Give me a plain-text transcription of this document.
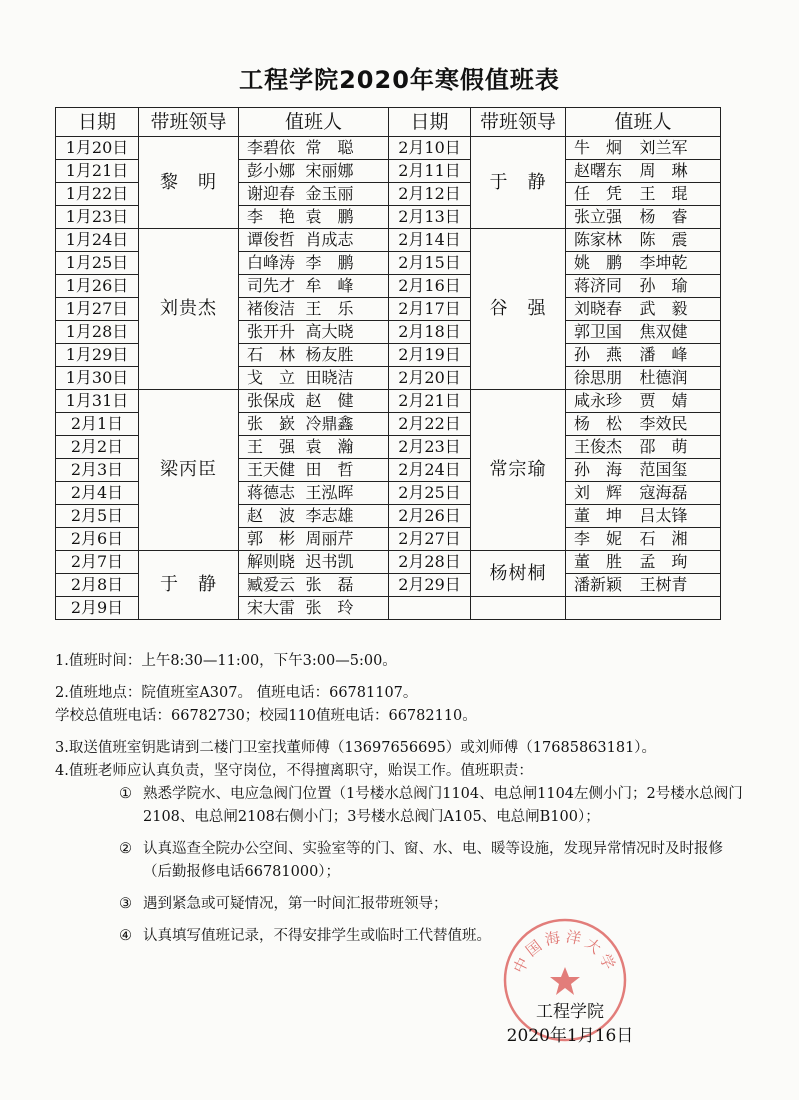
工程学院2020年寒假值班表
日期	带班领导	值班人		日期	带班领导	值班人	
1月20日	黎　明	李碧依	常　聪	2月10日	于　静	牛　炯	刘兰军
1月21日		彭小娜	宋丽娜	2月11日		赵曙东	周　琳
1月22日		谢迎春	金玉丽	2月12日		任　凭	王　琨
1月23日		李　艳	袁　鹏	2月13日		张立强	杨　睿
1月24日	刘贵杰	谭俊哲	肖成志	2月14日	谷　强	陈家林	陈　震
1月25日		白峰涛	李　鹏	2月15日		姚　鹏	李坤乾
1月26日		司先才	牟　峰	2月16日		蒋济同	孙　瑜
1月27日		褚俊洁	王　乐	2月17日		刘晓春	武　毅
1月28日		张开升	高大晓	2月18日		郭卫国	焦双健
1月29日		石　林	杨友胜	2月19日		孙　燕	潘　峰
1月30日		戈　立	田晓洁	2月20日		徐思朋	杜德润
1月31日	梁丙臣	张保成	赵　健	2月21日	常宗瑜	咸永珍	贾　婧
2月1日		张　嶔	冷鼎鑫	2月22日		杨　松	李效民
2月2日		王　强	袁　瀚	2月23日		王俊杰	邵　萌
2月3日		王天健	田　哲	2月24日		孙　海	范国玺
2月4日		蒋德志	王泓晖	2月25日		刘　辉	寇海磊
2月5日		赵　波	李志雄	2月26日		董　坤	吕太锋
2月6日		郭　彬	周丽芹	2月27日		李　妮	石　湘
2月7日	于　静	解则晓	迟书凯	2月28日	杨树桐	董　胜	孟　珣
2月8日		臧爱云	张　磊	2月29日		潘新颖	王树青
2月9日		宋大雷	张　玲				

1.值班时间：上午8:30—11:00，下午3:00—5:00。

2.值班地点：院值班室A307。 值班电话：66781107。

学校总值班电话：66782730；校园110值班电话：66782110。

3.取送值班室钥匙请到二楼门卫室找董师傅（13697656695）或刘师傅（17685863181）。

4.值班老师应认真负责，坚守岗位，不得擅离职守，贻误工作。值班职责：

① 熟悉学院水、电应急阀门位置（1号楼水总阀门1104、电总闸1104左侧小门；2号楼水总阀门2108、电总闸2108右侧小门；3号楼水总阀门A105、电总闸B100）；
② 认真巡查全院办公空间、实验室等的门、窗、水、电、暖等设施，发现异常情况时及时报修（后勤报修电话66781000）；
③ 遇到紧急或可疑情况，第一时间汇报带班领导；
④ 认真填写值班记录，不得安排学生或临时工代替值班。
中国海洋大学
工程学院
2020年1月16日
